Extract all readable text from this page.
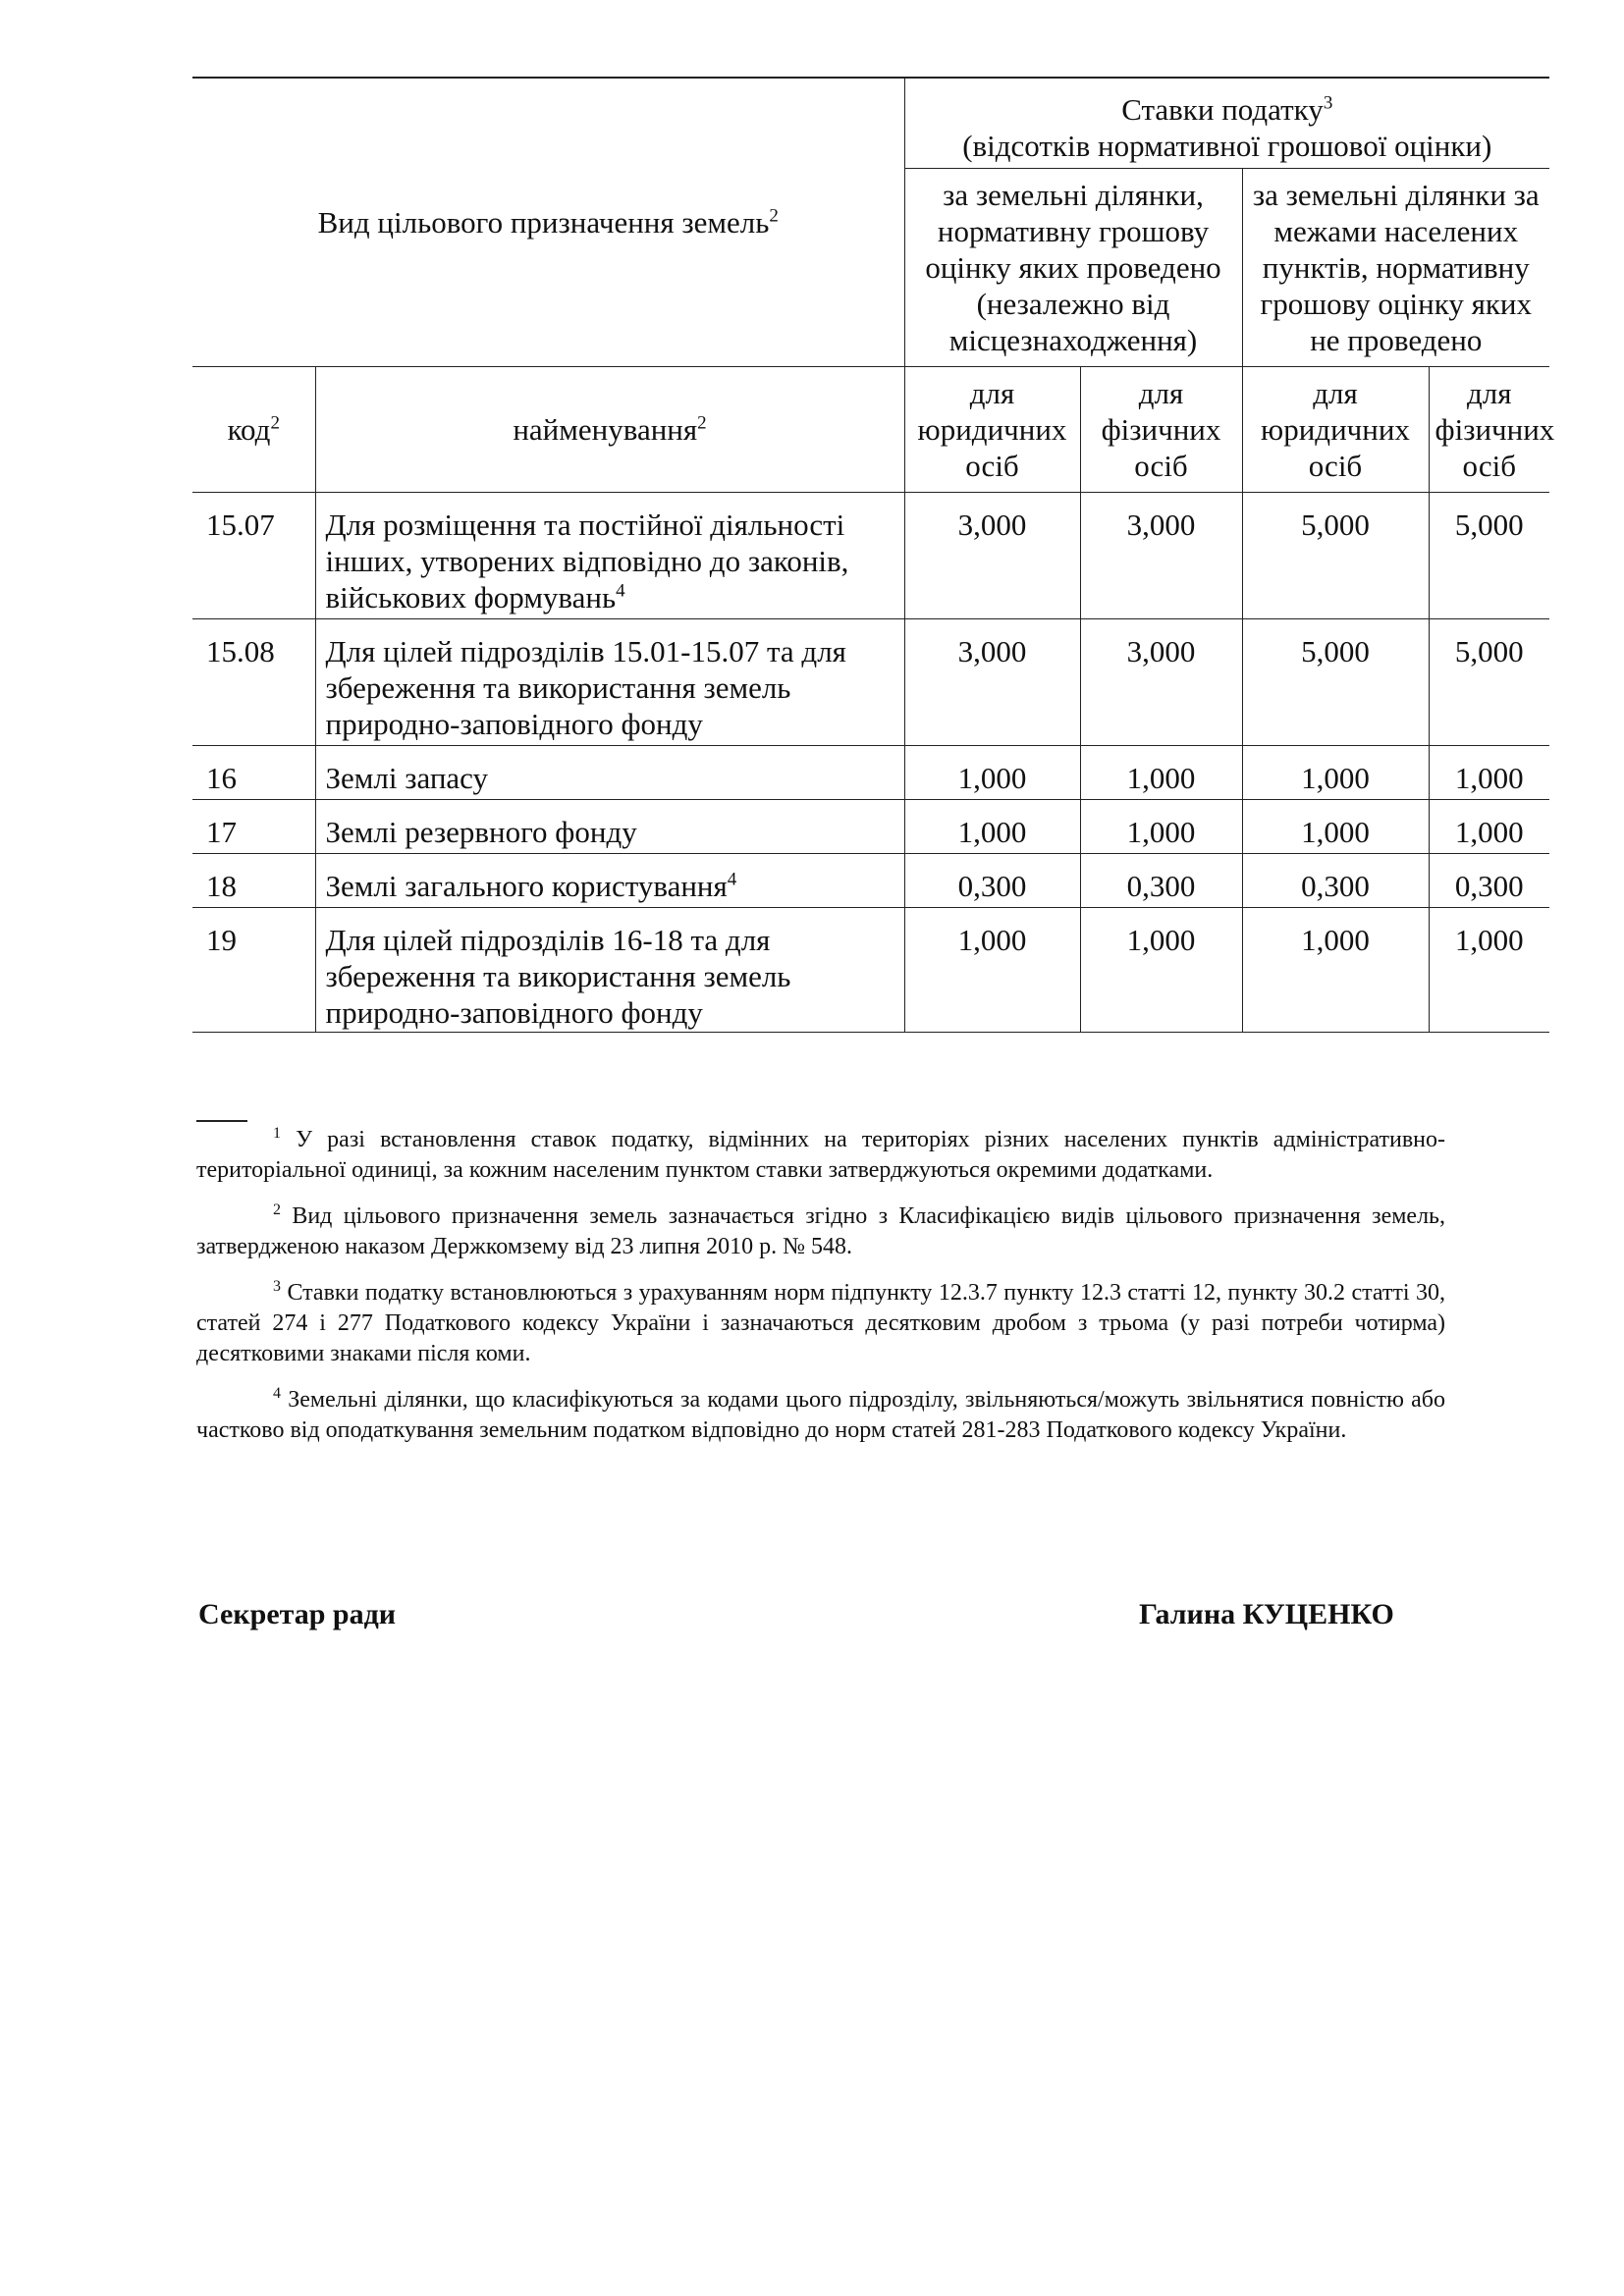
Вид цільового призначення земель$^2$		Ставки податку$^3$
(відсотків нормативної грошової оцінки)			
		за земельні ділянки, нормативну грошову оцінку яких проведено (незалежно від місцезнаходження)		за земельні ділянки за межами населених пунктів, нормативну грошову оцінку яких не проведено	
код$^2$	найменування$^2$	для юридичних осіб	для фізичних осіб	для юридичних осіб	для фізичних осіб
15.07	Для розміщення та постійної діяльності інших, утворених відповідно до законів, військових формувань$^4$	3,000	3,000	5,000	5,000
15.08	Для цілей підрозділів 15.01-15.07 та для збереження та використання земель природно-заповідного фонду	3,000	3,000	5,000	5,000
16	Землі запасу	1,000	1,000	1,000	1,000
17	Землі резервного фонду	1,000	1,000	1,000	1,000
18	Землі загального користування$^4$	0,300	0,300	0,300	0,300
19	Для цілей підрозділів 16-18 та для збереження та використання земель природно-заповідного фонду	1,000	1,000	1,000	1,000

$^1$ У разі встановлення ставок податку, відмінних на територіях різних населених пунктів адміністративно-територіальної одиниці, за кожним населеним пунктом ставки затверджуються окремими додатками.

$^2$ Вид цільового призначення земель зазначається згідно з Класифікацією видів цільового призначення земель, затвердженою наказом Держкомзему від 23 липня 2010 р. № 548.

$^3$ Ставки податку встановлюються з урахуванням норм підпункту 12.3.7 пункту 12.3 статті 12, пункту 30.2 статті 30, статей 274 і 277 Податкового кодексу України і зазначаються десятковим дробом з трьома (у разі потреби чотирма) десятковими знаками після коми.

$^4$ Земельні ділянки, що класифікуються за кодами цього підрозділу, звільняються/можуть звільнятися повністю або частково від оподаткування земельним податком відповідно до норм статей 281-283 Податкового кодексу України.

Секретар ради	Галина КУЦЕНКО
